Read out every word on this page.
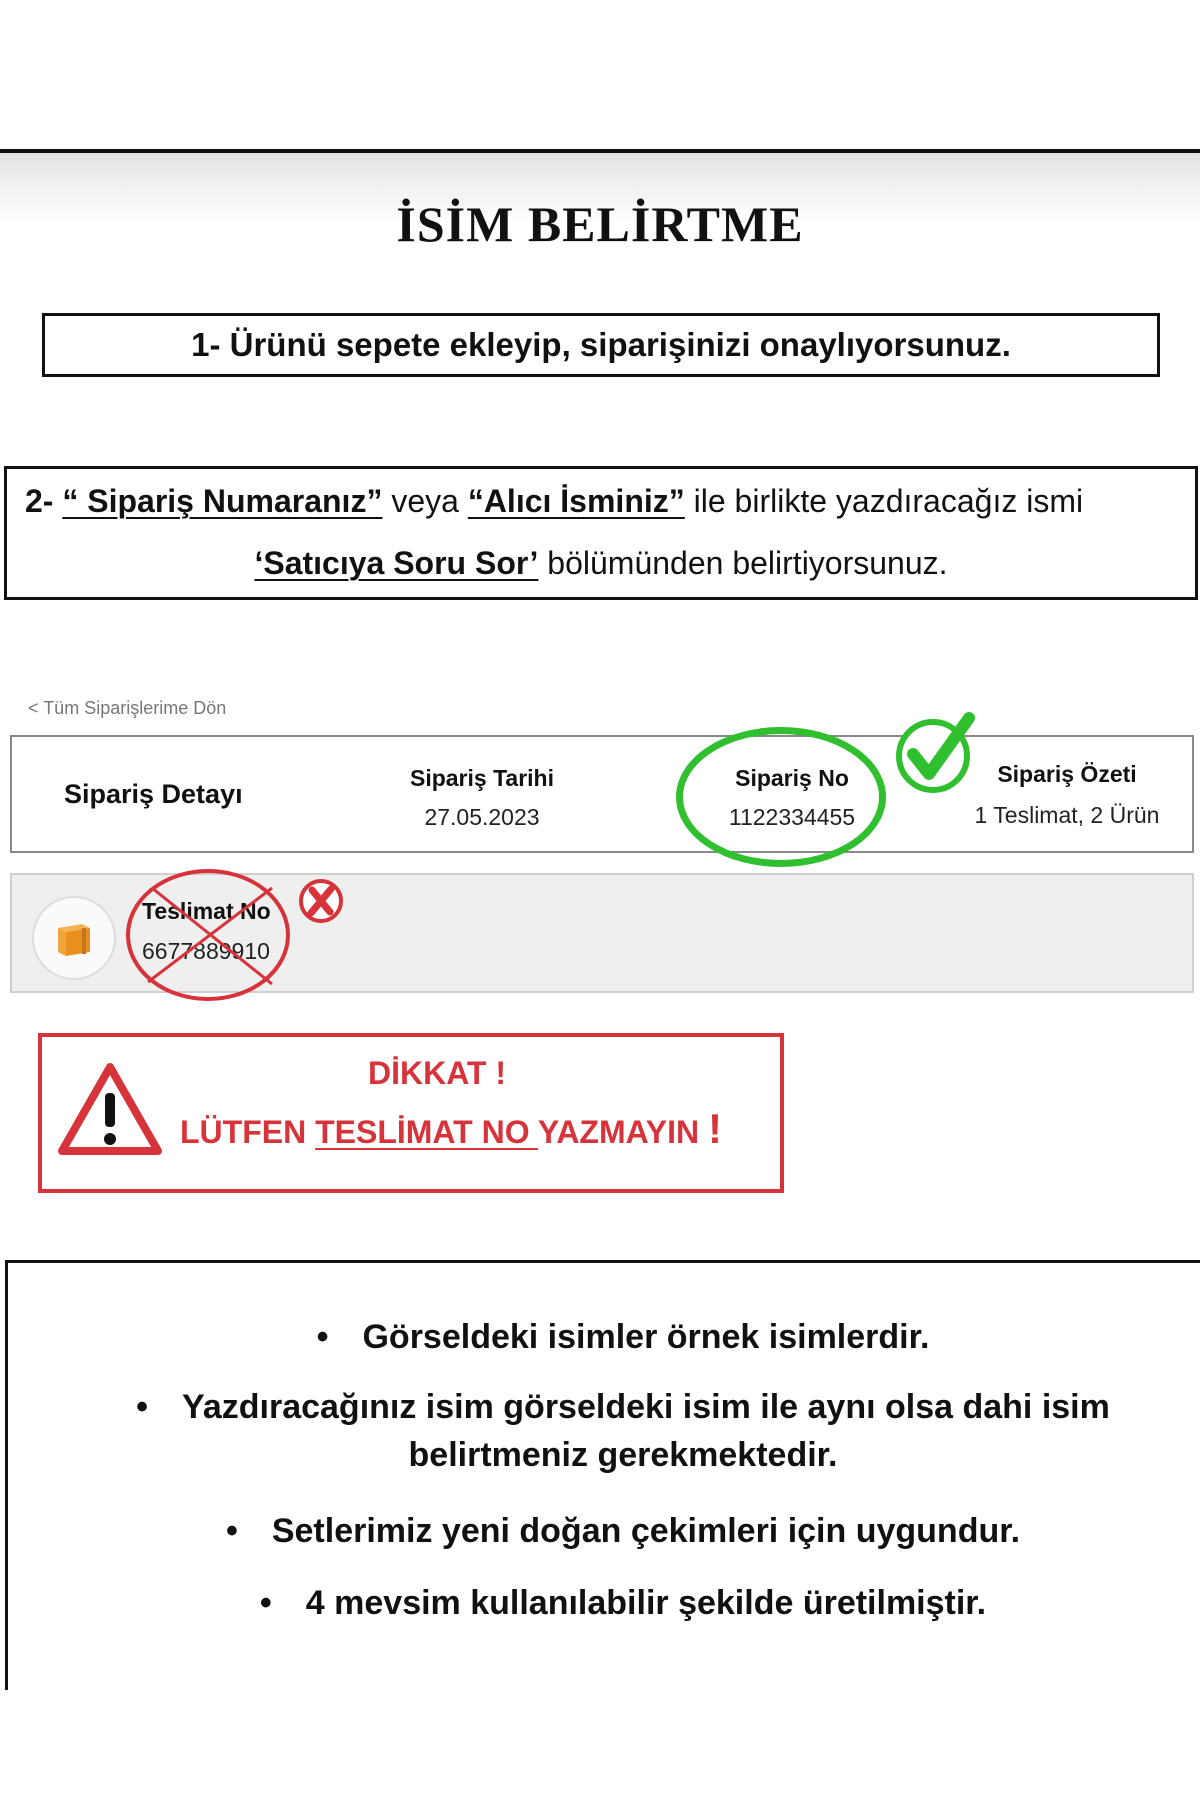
İSİM BELİRTME
1- Ürünü sepete ekleyip, siparişinizi onaylıyorsunuz.
2- “ Sipariş Numaranız” veya “Alıcı İsminiz” ile birlikte yazdıracağız ismi
‘Satıcıya Soru Sor’ bölümünden belirtiyorsunuz.
< Tüm Siparişlerime Dön
Sipariş Detayı
Sipariş Tarihi
27.05.2023
Sipariş No
1122334455
Sipariş Özeti
1 Teslimat, 2 Ürün
Teslimat No
6677889910
DİKKAT !
LÜTFEN TESLİMAT NO YAZMAYIN !
• Görseldeki isimler örnek isimlerdir.
• Yazdıracağınız isim görseldeki isim ile aynı olsa dahi isim belirtmeniz gerekmektedir.
• Setlerimiz yeni doğan çekimleri için uygundur.
• 4 mevsim kullanılabilir şekilde üretilmiştir.
